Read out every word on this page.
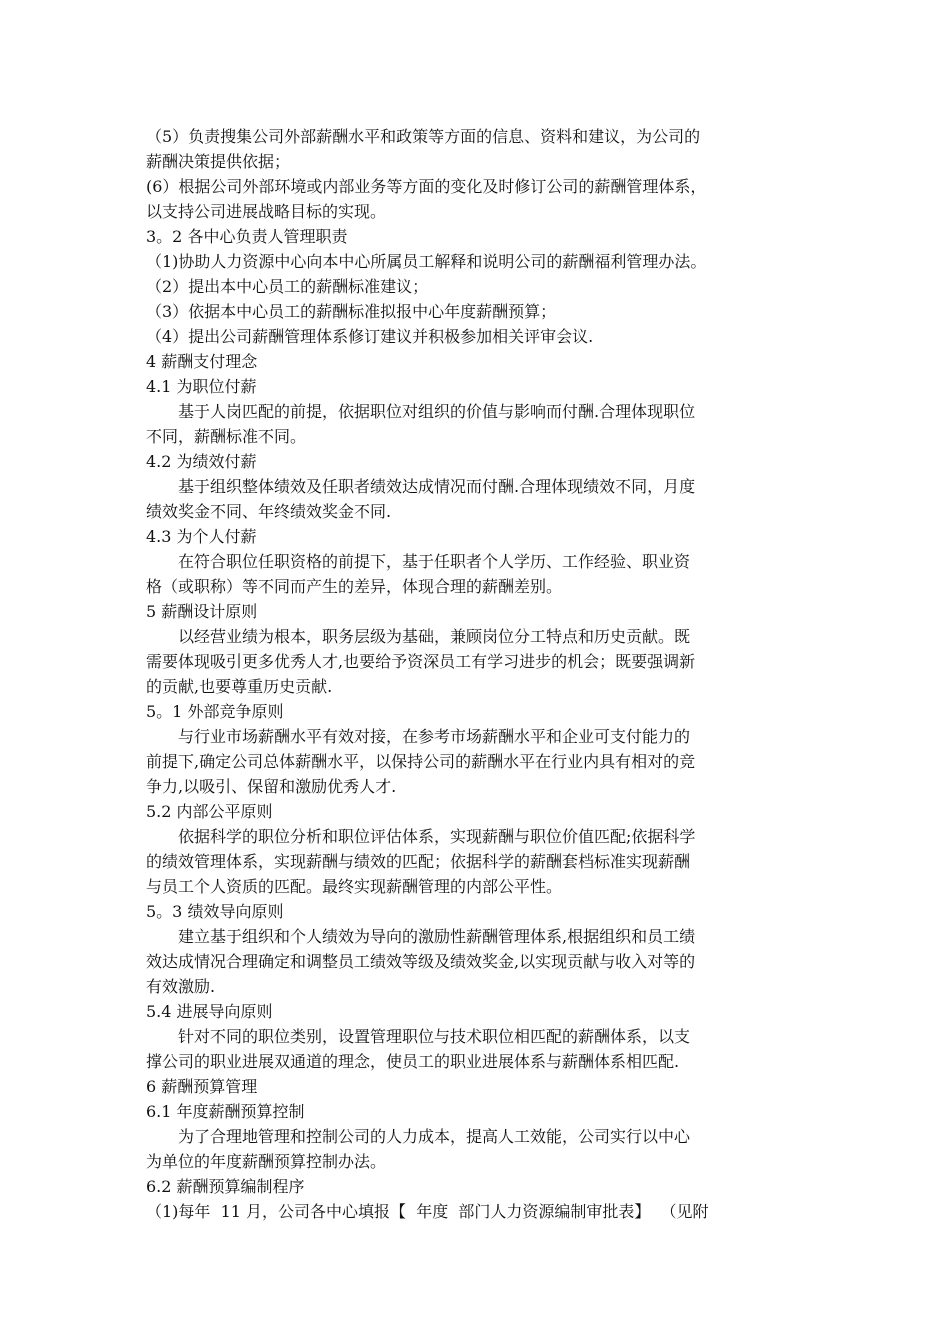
（5）负责搜集公司外部薪酬水平和政策等方面的信息、资料和建议，为公司的

薪酬决策提供依据；

(6）根据公司外部环境或内部业务等方面的变化及时修订公司的薪酬管理体系，

以支持公司进展战略目标的实现。

3。2 各中心负责人管理职责

（1)协助人力资源中心向本中心所属员工解释和说明公司的薪酬福利管理办法。

（2）提出本中心员工的薪酬标准建议；

（3）依据本中心员工的薪酬标准拟报中心年度薪酬预算；

（4）提出公司薪酬管理体系修订建议并积极参加相关评审会议.

4 薪酬支付理念

4.1 为职位付薪

基于人岗匹配的前提，依据职位对组织的价值与影响而付酬.合理体现职位

不同，薪酬标准不同。

4.2 为绩效付薪

基于组织整体绩效及任职者绩效达成情况而付酬.合理体现绩效不同，月度

绩效奖金不同、年终绩效奖金不同.

4.3 为个人付薪

在符合职位任职资格的前提下，基于任职者个人学历、工作经验、职业资

格（或职称）等不同而产生的差异，体现合理的薪酬差别。

5 薪酬设计原则

以经营业绩为根本，职务层级为基础，兼顾岗位分工特点和历史贡献。既

需要体现吸引更多优秀人才,也要给予资深员工有学习进步的机会；既要强调新

的贡献,也要尊重历史贡献.

5。1 外部竞争原则

与行业市场薪酬水平有效对接，在参考市场薪酬水平和企业可支付能力的

前提下,确定公司总体薪酬水平，以保持公司的薪酬水平在行业内具有相对的竞

争力,以吸引、保留和激励优秀人才.

5.2 内部公平原则

依据科学的职位分析和职位评估体系，实现薪酬与职位价值匹配;依据科学

的绩效管理体系，实现薪酬与绩效的匹配；依据科学的薪酬套档标准实现薪酬

与员工个人资质的匹配。最终实现薪酬管理的内部公平性。

5。3 绩效导向原则

建立基于组织和个人绩效为导向的激励性薪酬管理体系,根据组织和员工绩

效达成情况合理确定和调整员工绩效等级及绩效奖金,以实现贡献与收入对等的

有效激励.

5.4 进展导向原则

针对不同的职位类别，设置管理职位与技术职位相匹配的薪酬体系，以支

撑公司的职业进展双通道的理念，使员工的职业进展体系与薪酬体系相匹配.

6 薪酬预算管理

6.1 年度薪酬预算控制

为了合理地管理和控制公司的人力成本，提高人工效能，公司实行以中心

为单位的年度薪酬预算控制办法。

6.2 薪酬预算编制程序

（1)每年  11 月，公司各中心填报【  年度  部门人力资源编制审批表】  （见附
